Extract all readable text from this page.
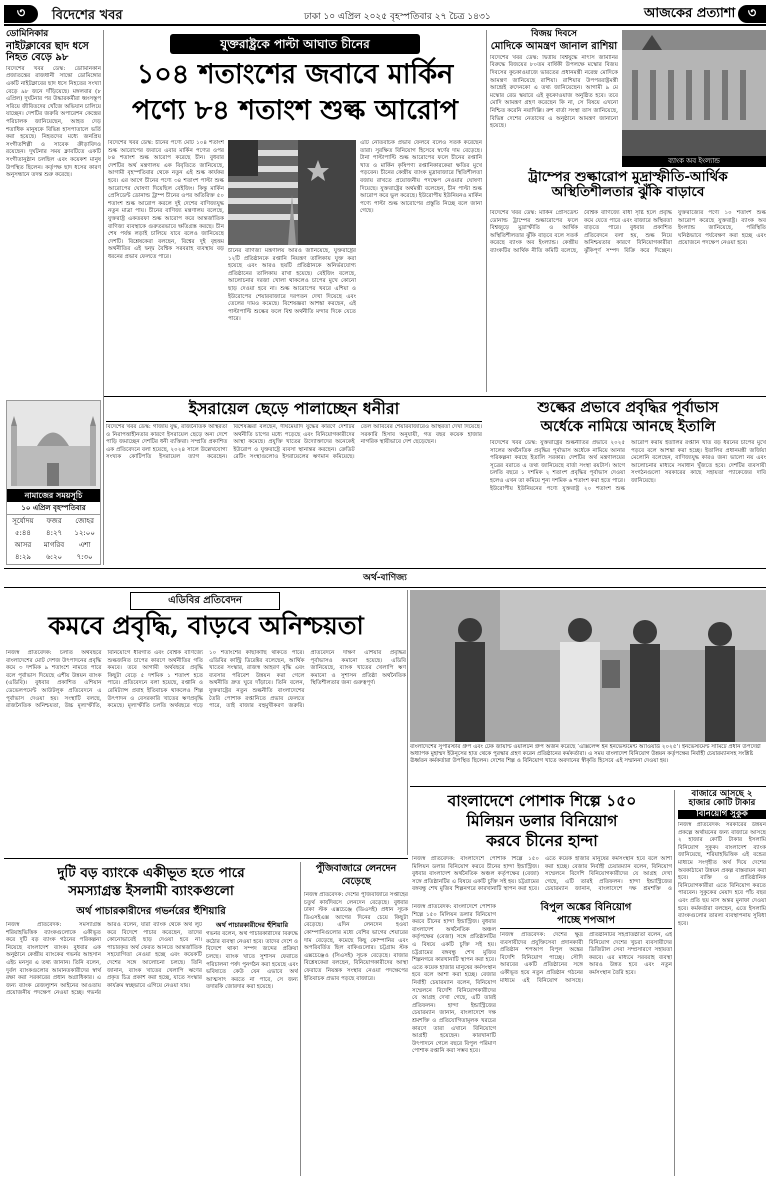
৩	বিদেশের খবর	ঢাকা ১০ এপ্রিল ২০২৫ বৃহস্পতিবার ২৭ চৈত্র ১৪৩১	আজকের প্রত্যাশা ৩
ডোমিনিকার
নাইটক্লাবের ছাদ ধসে নিহত বেড়ে ৯৮
বিদেশের খবর ডেস্ক: ডোমিনিকান প্রজাতন্ত্রের রাজধানী সান্তো ডোমিঙ্গোর একটি নাইটক্লাবের ছাদ ধসে নিহতের সংখ্যা বেড়ে ৯৮ জনে দাঁড়িয়েছে। মঙ্গলবার (৮ এপ্রিল) দুর্ঘটনার পর উদ্ধারকর্মীরা ধ্বংসস্তূপ সরিয়ে জীবিতদের খোঁজে অভিযান চালিয়ে যাচ্ছেন। দেশটির জরুরি অপারেশন কেন্দ্রের পরিচালক জানিয়েছেন, আহত দেড় শতাধিক মানুষকে বিভিন্ন হাসপাতালে ভর্তি করা হয়েছে। নিহতদের মধ্যে জনপ্রিয় সংগীতশিল্পী ও সাবেক ক্রীড়াবিদও রয়েছেন। দুর্ঘটনার সময় ক্লাবটিতে একটি সংগীতানুষ্ঠান চলছিল এবং কয়েকশ মানুষ উপস্থিত ছিলেন। কর্তৃপক্ষ ছাদ ধসের কারণ অনুসন্ধানে তদন্ত শুরু করেছে।
নামাজের সময়সূচি
১০ এপ্রিল বৃহস্পতিবার
সূর্যোদয়	ফজর	জোহর
৫:৪৪	৪:২৭	১২:০০
আসর	মাগরিব	এশা
৪:২৯	৬:২০	৭:৩০
যুক্তরাষ্ট্রকে পাল্টা আঘাত চীনের
১০৪ শতাংশের জবাবে মার্কিন
পণ্যে ৮৪ শতাংশ শুল্ক আরোপ
বিদেশের খবর ডেস্ক: চীনের পণ্যে মোট ১০৪ শতাংশ শুল্ক আরোপের জবাবে এবার মার্কিন পণ্যের ওপর ৮৪ শতাংশ শুল্ক আরোপ করেছে চীন। বুধবার দেশটির অর্থ মন্ত্রণালয় এক বিবৃতিতে জানিয়েছে, আগামী বৃহস্পতিবার থেকে নতুন এই শুল্ক কার্যকর হবে। এর আগে চীনের পণ্যে ৩৪ শতাংশ পাল্টা শুল্ক আরোপের ঘোষণা দিয়েছিল বেইজিং। কিন্তু মার্কিন প্রেসিডেন্ট ডোনাল্ড ট্রাম্প চীনের ওপর অতিরিক্ত ৫০ শতাংশ শুল্ক আরোপ করলে দুই দেশের বাণিজ্যযুদ্ধ নতুন মাত্রা পায়। চীনের বাণিজ্য মন্ত্রণালয় বলেছে, যুক্তরাষ্ট্র একতরফা শুল্ক আরোপ করে আন্তর্জাতিক বাণিজ্য ব্যবস্থাকে গুরুতরভাবে ক্ষতিগ্রস্ত করছে। চীন শেষ পর্যন্ত লড়াই চালিয়ে যাবে বলেও জানিয়েছে দেশটি। বিশ্লেষকেরা বলছেন, বিশ্বের দুই বৃহত্তম অর্থনীতির এই দ্বন্দ্ব বৈশ্বিক সরবরাহ ব্যবস্থায় বড় ধরনের প্রভাব ফেলতে পারে।
চীনের বাণিজ্য মন্ত্রণালয় আরও জানিয়েছে, যুক্তরাষ্ট্রের ১২টি প্রতিষ্ঠানকে রপ্তানি নিয়ন্ত্রণ তালিকায় যুক্ত করা হয়েছে এবং আরও ছয়টি প্রতিষ্ঠানকে অনির্ভরযোগ্য প্রতিষ্ঠানের তালিকায় রাখা হয়েছে। বেইজিং বলেছে, আলোচনার দরজা খোলা থাকলেও চাপের মুখে কোনো ছাড় দেওয়া হবে না। শুল্ক আরোপের খবরে এশিয়া ও ইউরোপের শেয়ারবাজারে দরপতন দেখা দিয়েছে এবং তেলের দামও কমেছে। বিশেষজ্ঞরা আশঙ্কা করছেন, এই পাল্টাপাল্টি শুল্কের ফলে বিশ্ব অর্থনীতি মন্দার দিকে যেতে পারে।
এটি নেতিবাচক প্রভাব ফেলবে বলেও সতর্ক করেছেন তারা। সুরক্ষিত বিনিয়োগ হিসেবে স্বর্ণের দাম বেড়েছে। টানা পাল্টাপাল্টি শুল্ক আরোপের ফলে চীনের রপ্তানি খাত ও মার্কিন কৃষিপণ্য রপ্তানিকারকেরা ক্ষতির মুখে পড়বেন। চীনের কেন্দ্রীয় ব্যাংক মুদ্রাবাজারে স্থিতিশীলতা বজায় রাখতে প্রয়োজনীয় পদক্ষেপ নেওয়ার ঘোষণা দিয়েছে। যুক্তরাষ্ট্রের অর্থমন্ত্রী বলেছেন, চীন পাল্টা শুল্ক আরোপ করে ভুল করেছে। ইউরোপীয় ইউনিয়নও মার্কিন পণ্যে পাল্টা শুল্ক আরোপের প্রস্তুতি নিচ্ছে বলে জানা গেছে।
বিজয় দিবসে
মোদিকে আমন্ত্রণ জানাল রাশিয়া
বিদেশের খবর ডেস্ক: দ্বিতীয় বিশ্বযুদ্ধে নাৎসি জার্মানির বিরুদ্ধে বিজয়ের ৮০তম বার্ষিকী উপলক্ষে মস্কোর বিজয় দিবসের কুচকাওয়াজে ভারতের প্রধানমন্ত্রী নরেন্দ্র মোদিকে আমন্ত্রণ জানিয়েছে রাশিয়া। রাশিয়ার উপপররাষ্ট্রমন্ত্রী আন্দ্রেই রুদেনকো এ তথ্য জানিয়েছেন। আগামী ৯ মে মস্কোর রেড স্কয়ারে এই কুচকাওয়াজ অনুষ্ঠিত হবে। তবে মোদি আমন্ত্রণ গ্রহণ করেছেন কি না, সে বিষয়ে এখনো নিশ্চিত করেনি নয়াদিল্লি। রুশ বার্তা সংস্থা তাস জানিয়েছে, বিভিন্ন দেশের নেতাদের এ অনুষ্ঠানে আমন্ত্রণ জানানো হয়েছে।
ব্যাংক অব ইংল্যান্ড
ট্রাম্পের শুল্কারোপ মুদ্রাস্ফীতি-আর্থিক অস্থিতিশীলতার ঝুঁকি বাড়াবে
বিদেশের খবর ডেস্ক: মার্কিন প্রেসিডেন্ট ডোনাল্ড ট্রাম্পের শুল্কারোপের ফলে বিশ্বজুড়ে মুদ্রাস্ফীতি ও আর্থিক অস্থিতিশীলতার ঝুঁকি বাড়বে বলে সতর্ক করেছে ব্যাংক অব ইংল্যান্ড। কেন্দ্রীয় ব্যাংকটির আর্থিক নীতি কমিটি বলেছে, বৈশ্বিক বাণিজ্যে বাধা সৃষ্টি হলে প্রবৃদ্ধি কমে যেতে পারে এবং বাজারে অস্থিরতা বাড়তে পারে। বুধবার প্রকাশিত প্রতিবেদনে বলা হয়, শুল্ক নিয়ে অনিশ্চয়তার কারণে বিনিয়োগকারীরা ঝুঁকিপূর্ণ সম্পদ বিক্রি করে দিচ্ছেন। যুক্তরাজ্যের পণ্যে ১০ শতাংশ শুল্ক আরোপ করেছে যুক্তরাষ্ট্র। ব্যাংক অব ইংল্যান্ড জানিয়েছে, পরিস্থিতি ঘনিষ্ঠভাবে পর্যবেক্ষণ করা হচ্ছে এবং প্রয়োজনে পদক্ষেপ নেওয়া হবে।
ইসরায়েল ছেড়ে পালাচ্ছেন ধনীরা
বিদেশের খবর ডেস্ক: গাজায় যুদ্ধ, রাজনৈতিক অস্থিরতা ও নিরাপত্তাহীনতার কারণে ইসরায়েল ছেড়ে অন্য দেশে পাড়ি জমাচ্ছেন দেশটির ধনী ব্যক্তিরা। সম্প্রতি প্রকাশিত এক প্রতিবেদনে বলা হয়েছে, ২০২৪ সালে উল্লেখযোগ্য সংখ্যক কোটিপতি ইসরায়েল ত্যাগ করেছেন। বিশেষজ্ঞরা বলছেন, দীর্ঘমেয়াদি যুদ্ধের কারণে দেশটির অর্থনীতি চাপের মধ্যে পড়েছে এবং বিনিয়োগকারীদের আস্থা কমেছে। প্রযুক্তি খাতের উদ্যোক্তাদের অনেকেই ইউরোপ ও যুক্তরাষ্ট্রে ব্যবসা স্থানান্তর করছেন। ক্রেডিট রেটিং সংস্থাগুলোও ইসরায়েলের ঋণমান কমিয়েছে। তেল আবিবের শেয়ারবাজারেও অস্থিরতা দেখা দিয়েছে। সরকারি হিসাব অনুযায়ী, গত বছর কয়েক হাজার নাগরিক স্থায়ীভাবে দেশ ছেড়েছেন।
শুল্কের প্রভাবে প্রবৃদ্ধির পূর্বাভাস
অর্ধেকে নামিয়ে আনছে ইতালি
বিদেশের খবর ডেস্ক: যুক্তরাষ্ট্রের শুল্কনীতির প্রভাবে ২০২৫ সালের অর্থনৈতিক প্রবৃদ্ধির পূর্বাভাস অর্ধেকে নামিয়ে আনার পরিকল্পনা করছে ইতালি সরকার। দেশটির অর্থ মন্ত্রণালয়ের সূত্রের বরাতে এ তথ্য জানিয়েছে বার্তা সংস্থা রয়টার্স। আগে চলতি বছরে ১ দশমিক ২ শতাংশ প্রবৃদ্ধির পূর্বাভাস দেওয়া হলেও এখন তা কমিয়ে শূন্য দশমিক ৬ শতাংশ করা হতে পারে। ইউরোপীয় ইউনিয়নের পণ্যে যুক্তরাষ্ট্র ২০ শতাংশ শুল্ক আরোপ করায় ইতালির রপ্তানি খাত বড় ধরনের চাপের মুখে পড়বে বলে আশঙ্কা করা হচ্ছে। ইতালির প্রধানমন্ত্রী জর্জিয়া মেলোনি বলেছেন, বাণিজ্যযুদ্ধ কারও জন্য ভালো নয় এবং আলোচনার মাধ্যমে সমাধান খুঁজতে হবে। দেশটির ব্যবসায়ী সংগঠনগুলো সরকারের কাছে সহায়তা প্যাকেজের দাবি জানিয়েছে।
অর্থ-বাণিজ্য
এডিবির প্রতিবেদন
কমবে প্রবৃদ্ধি, বাড়বে অনিশ্চয়তা
নিজস্ব প্রতিবেদক: চলতি অর্থবছরে বাংলাদেশের মোট দেশজ উৎপাদনের প্রবৃদ্ধি কমে ৩ দশমিক ৯ শতাংশে নামতে পারে বলে পূর্বাভাস দিয়েছে এশীয় উন্নয়ন ব্যাংক (এডিবি)। বুধবার প্রকাশিত এশিয়ান ডেভেলপমেন্ট আউটলুক প্রতিবেদনে এ পূর্বাভাস দেওয়া হয়। সংস্থাটি বলছে, রাজনৈতিক অনিশ্চয়তা, উচ্চ মূল্যস্ফীতি, বিনিয়োগে ধীরগতি এবং বৈশ্বিক বাণিজ্যে শুল্কজনিত চাপের কারণে অর্থনীতির গতি কমবে। তবে আগামী অর্থবছরে প্রবৃদ্ধি কিছুটা বেড়ে ৫ দশমিক ১ শতাংশ হতে পারে। প্রতিবেদনে বলা হয়েছে, রপ্তানি ও রেমিট্যান্স প্রবাহ ইতিবাচক থাকলেও শিল্প উৎপাদন ও বেসরকারি খাতের ঋণপ্রবৃদ্ধি কমেছে। মূল্যস্ফীতি চলতি অর্থবছরে গড়ে ১০ শতাংশের কাছাকাছি থাকতে পারে। এডিবির কান্ট্রি ডিরেক্টর বলেছেন, আর্থিক খাতের সংস্কার, রাজস্ব আহরণ বৃদ্ধি এবং ব্যবসার পরিবেশ উন্নয়ন করা গেলে অর্থনীতি দ্রুত ঘুরে দাঁড়াবে। তিনি বলেন, যুক্তরাষ্ট্রের নতুন শুল্কনীতি বাংলাদেশের তৈরি পোশাক রপ্তানিতে প্রভাব ফেলতে পারে, তাই বাজার বহুমুখীকরণ জরুরি। প্রতিবেদনে দক্ষিণ এশিয়ার প্রবৃদ্ধির পূর্বাভাসও কমানো হয়েছে। এডিবি জানিয়েছে, ব্যাংক খাতের খেলাপি ঋণ কমানো ও সুশাসন প্রতিষ্ঠা অর্থনৈতিক স্থিতিশীলতার জন্য গুরুত্বপূর্ণ।
বাংলাদেশের সুপারস্টার গ্রুপ এবং টেক জায়ান্ট ওয়ালটন গ্রুপ অর্জন করেছে ‘এক্সিলেন্স ইন ইনভেস্টমেন্ট অ্যাওয়ার্ড ২০২৫’। ইনভেস্টমেন্ট সামিটে প্রধান উপদেষ্টা অধ্যাপক মুহাম্মদ ইউনূসের হাত থেকে পুরস্কার গ্রহণ করেন প্রতিষ্ঠানের কর্মকর্তারা। এ সময় বাংলাদেশ বিনিয়োগ উন্নয়ন কর্তৃপক্ষের নির্বাহী চেয়ারম্যানসহ সংশ্লিষ্ট ঊর্ধ্বতন কর্মকর্তারা উপস্থিত ছিলেন। দেশের শিল্প ও বিনিয়োগ খাতে অবদানের স্বীকৃতি হিসেবে এই সম্মাননা দেওয়া হয়।
বাংলাদেশে পোশাক শিল্পে ১৫০
মিলিয়ন ডলার বিনিয়োগ
করবে চীনের হান্দা
বাজারে আসছে ২
হাজার কোটি টাকার
বিনিয়োগ সুকুক
নিজস্ব প্রতিবেদক: সরকারের উন্নয়ন প্রকল্পে অর্থায়নের জন্য বাজারে আসছে ২ হাজার কোটি টাকার ইসলামি বিনিয়োগ সুকুক। বাংলাদেশ ব্যাংক জানিয়েছে, শরিয়াহভিত্তিক এই বন্ডের মাধ্যমে সংগৃহীত অর্থ দিয়ে দেশের অবকাঠামো উন্নয়ন প্রকল্প বাস্তবায়ন করা হবে। ব্যক্তি ও প্রাতিষ্ঠানিক বিনিয়োগকারীরা এতে বিনিয়োগ করতে পারবেন। সুকুকের মেয়াদ হবে পাঁচ বছর এবং প্রতি ছয় মাস অন্তর মুনাফা দেওয়া হবে। কর্মকর্তারা বলছেন, এতে ইসলামি ব্যাংকগুলোর তারল্য ব্যবস্থাপনায় সুবিধা হবে।
দুটি বড় ব্যাংকে একীভূত হতে পারে
সমস্যাগ্রস্ত ইসলামী ব্যাংকগুলো
অর্থ পাচারকারীদের গভর্নরের হুঁশিয়ারি
নিজস্ব প্রতিবেদক: সমস্যাগ্রস্ত শরিয়াহভিত্তিক ব্যাংকগুলোকে একীভূত করে দুটি বড় ব্যাংক গঠনের পরিকল্পনা নিয়েছে বাংলাদেশ ব্যাংক। বুধবার এক অনুষ্ঠানে কেন্দ্রীয় ব্যাংকের গভর্নর আহসান এইচ মনসুর এ তথ্য জানান। তিনি বলেন, দুর্বল ব্যাংকগুলোর আমানতকারীদের স্বার্থ রক্ষা করা সরকারের প্রধান অগ্রাধিকার। এ জন্য ব্যাংক রেজল্যুশন আইনের আওতায় প্রয়োজনীয় পদক্ষেপ নেওয়া হচ্ছে। গভর্নর আরও বলেন, যারা ব্যাংক থেকে অর্থ লুট করে বিদেশে পাচার করেছেন, তাদের কোনোভাবেই ছাড় দেওয়া হবে না। পাচারকৃত অর্থ ফেরত আনতে আন্তর্জাতিক সহযোগিতা নেওয়া হচ্ছে এবং কয়েকটি দেশের সঙ্গে আলোচনা চলছে। তিনি জানান, ব্যাংক খাতের খেলাপি ঋণের প্রকৃত চিত্র প্রকাশ করা হচ্ছে, যাতে সংস্কার কার্যক্রম স্বচ্ছভাবে এগিয়ে নেওয়া যায়।
অর্থ পাচারকারীদের হুঁশিয়ারি
গভর্নর বলেন, অর্থ পাচারকারীদের বিরুদ্ধে কঠোর ব্যবস্থা নেওয়া হবে। তাদের দেশে ও বিদেশে থাকা সম্পদ জব্দের প্রক্রিয়া চলছে। ব্যাংক খাতে সুশাসন ফেরাতে পরিচালনা পর্ষদ পুনর্গঠন করা হয়েছে এবং ভবিষ্যতে কেউ যেন এভাবে অর্থ আত্মসাৎ করতে না পারে, সে জন্য তদারকি জোরদার করা হয়েছে।
পুঁজিবাজারে লেনদেন
বেড়েছে
নিজস্ব প্রতিবেদক: দেশের পুঁজিবাজারে সপ্তাহের চতুর্থ কার্যদিবসে লেনদেন বেড়েছে। বুধবার ঢাকা স্টক এক্সচেঞ্জে (ডিএসই) প্রধান সূচক ডিএসইএক্স আগের দিনের চেয়ে কিছুটা বেড়েছে। এদিন লেনদেন হওয়া কোম্পানিগুলোর মধ্যে বেশির ভাগের শেয়ারের দাম বেড়েছে, কমেছে কিছু কোম্পানির এবং অপরিবর্তিত ছিল বাকিগুলোর। চট্টগ্রাম স্টক এক্সচেঞ্জেও (সিএসই) সূচক বেড়েছে। বাজার বিশ্লেষকেরা বলছেন, বিনিয়োগকারীদের আস্থা ফেরাতে নিয়ন্ত্রক সংস্থার নেওয়া পদক্ষেপের ইতিবাচক প্রভাব পড়ছে বাজারে।
নিজস্ব প্রতিবেদক: বাংলাদেশে পোশাক শিল্পে ১৫০ মিলিয়ন ডলার বিনিয়োগ করবে চীনের হান্দা ইন্ডাস্ট্রিজ। বুধবার বাংলাদেশ অর্থনৈতিক অঞ্চল কর্তৃপক্ষের (বেজা) সঙ্গে প্রতিষ্ঠানটির এ বিষয়ে একটি চুক্তি সই হয়। চট্টগ্রামের বঙ্গবন্ধু শেখ মুজিব শিল্পনগরে কারখানাটি স্থাপন করা হবে। এতে কয়েক হাজার মানুষের কর্মসংস্থান হবে বলে আশা করা হচ্ছে। বেজার নির্বাহী চেয়ারম্যান বলেন, বিনিয়োগ সম্মেলনে বিদেশি বিনিয়োগকারীদের যে আগ্রহ দেখা গেছে, এটি তারই প্রতিফলন। হান্দা ইন্ডাস্ট্রিজের চেয়ারম্যান জানান, বাংলাদেশে দক্ষ শ্রমশক্তি ও
বিপুল অঙ্কের বিনিয়োগ
পাচ্ছে শপআপ
নিজস্ব প্রতিবেদক: বাংলাদেশে পোশাক শিল্পে ১৫০ মিলিয়ন ডলার বিনিয়োগ করবে চীনের হান্দা ইন্ডাস্ট্রিজ। বুধবার বাংলাদেশ অর্থনৈতিক অঞ্চল কর্তৃপক্ষের (বেজা) সঙ্গে প্রতিষ্ঠানটির এ বিষয়ে একটি চুক্তি সই হয়। চট্টগ্রামের বঙ্গবন্ধু শেখ মুজিব শিল্পনগরে কারখানাটি স্থাপন করা হবে। এতে কয়েক হাজার মানুষের কর্মসংস্থান হবে বলে আশা করা হচ্ছে। বেজার নির্বাহী চেয়ারম্যান বলেন, বিনিয়োগ সম্মেলনে বিদেশি বিনিয়োগকারীদের যে আগ্রহ দেখা গেছে, এটি তারই প্রতিফলন। হান্দা ইন্ডাস্ট্রিজের চেয়ারম্যান জানান, বাংলাদেশে দক্ষ শ্রমশক্তি ও প্রতিযোগিতামূলক খরচের কারণে তারা এখানে বিনিয়োগে আগ্রহী হয়েছেন। কারখানাটি উৎপাদনে গেলে বছরে বিপুল পরিমাণ পোশাক রপ্তানি করা সম্ভব হবে।
নিজস্ব প্রতিবেদক: দেশের ক্ষুদ্র ব্যবসায়ীদের প্রযুক্তিসেবা প্রদানকারী প্রতিষ্ঠান শপআপ বিপুল অঙ্কের বিদেশি বিনিয়োগ পাচ্ছে। সৌদি আরবের একটি প্রতিষ্ঠানের সঙ্গে একীভূত হয়ে নতুন প্রতিষ্ঠান গঠনের মাধ্যমে এই বিনিয়োগ আসছে। প্রতিষ্ঠানটির সহপ্রতিষ্ঠাতা বলেন, এই বিনিয়োগ দেশের খুচরা ব্যবসায়ীদের ডিজিটাল সেবা সম্প্রসারণে সহায়তা করবে। এর মাধ্যমে সরবরাহ ব্যবস্থা আরও উন্নত হবে এবং নতুন কর্মসংস্থান তৈরি হবে।
